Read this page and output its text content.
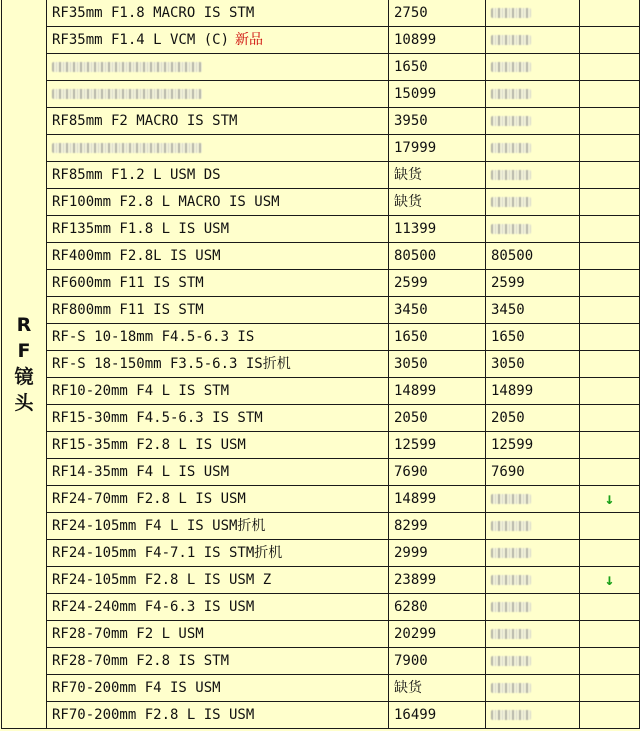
RF镜头	RF35mm F1.8 MACRO IS STM	2750		
	RF35mm F1.4 L VCM (C) 新品	10899		
		1650		
		15099		
	RF85mm F2 MACRO IS STM	3950		
		17999		
	RF85mm F1.2 L USM DS	缺货		
	RF100mm F2.8 L MACRO IS USM	缺货		
	RF135mm F1.8 L IS USM	11399		
	RF400mm F2.8L IS USM	80500	80500	
	RF600mm F11 IS STM	2599	2599	
	RF800mm F11 IS STM	3450	3450	
	RF-S 10-18mm F4.5-6.3 IS	1650	1650	
	RF-S 18-150mm F3.5-6.3 IS折机	3050	3050	
	RF10-20mm F4 L IS STM	14899	14899	
	RF15-30mm F4.5-6.3 IS STM	2050	2050	
	RF15-35mm F2.8 L IS USM	12599	12599	
	RF14-35mm F4 L IS USM	7690	7690	
	RF24-70mm F2.8 L IS USM	14899		↓
	RF24-105mm F4 L IS USM折机	8299		
	RF24-105mm F4-7.1 IS STM折机	2999		
	RF24-105mm F2.8 L IS USM Z	23899		↓
	RF24-240mm F4-6.3 IS USM	6280		
	RF28-70mm F2 L USM	20299		
	RF28-70mm F2.8 IS STM	7900		
	RF70-200mm F4 IS USM	缺货		
	RF70-200mm F2.8 L IS USM	16499		
